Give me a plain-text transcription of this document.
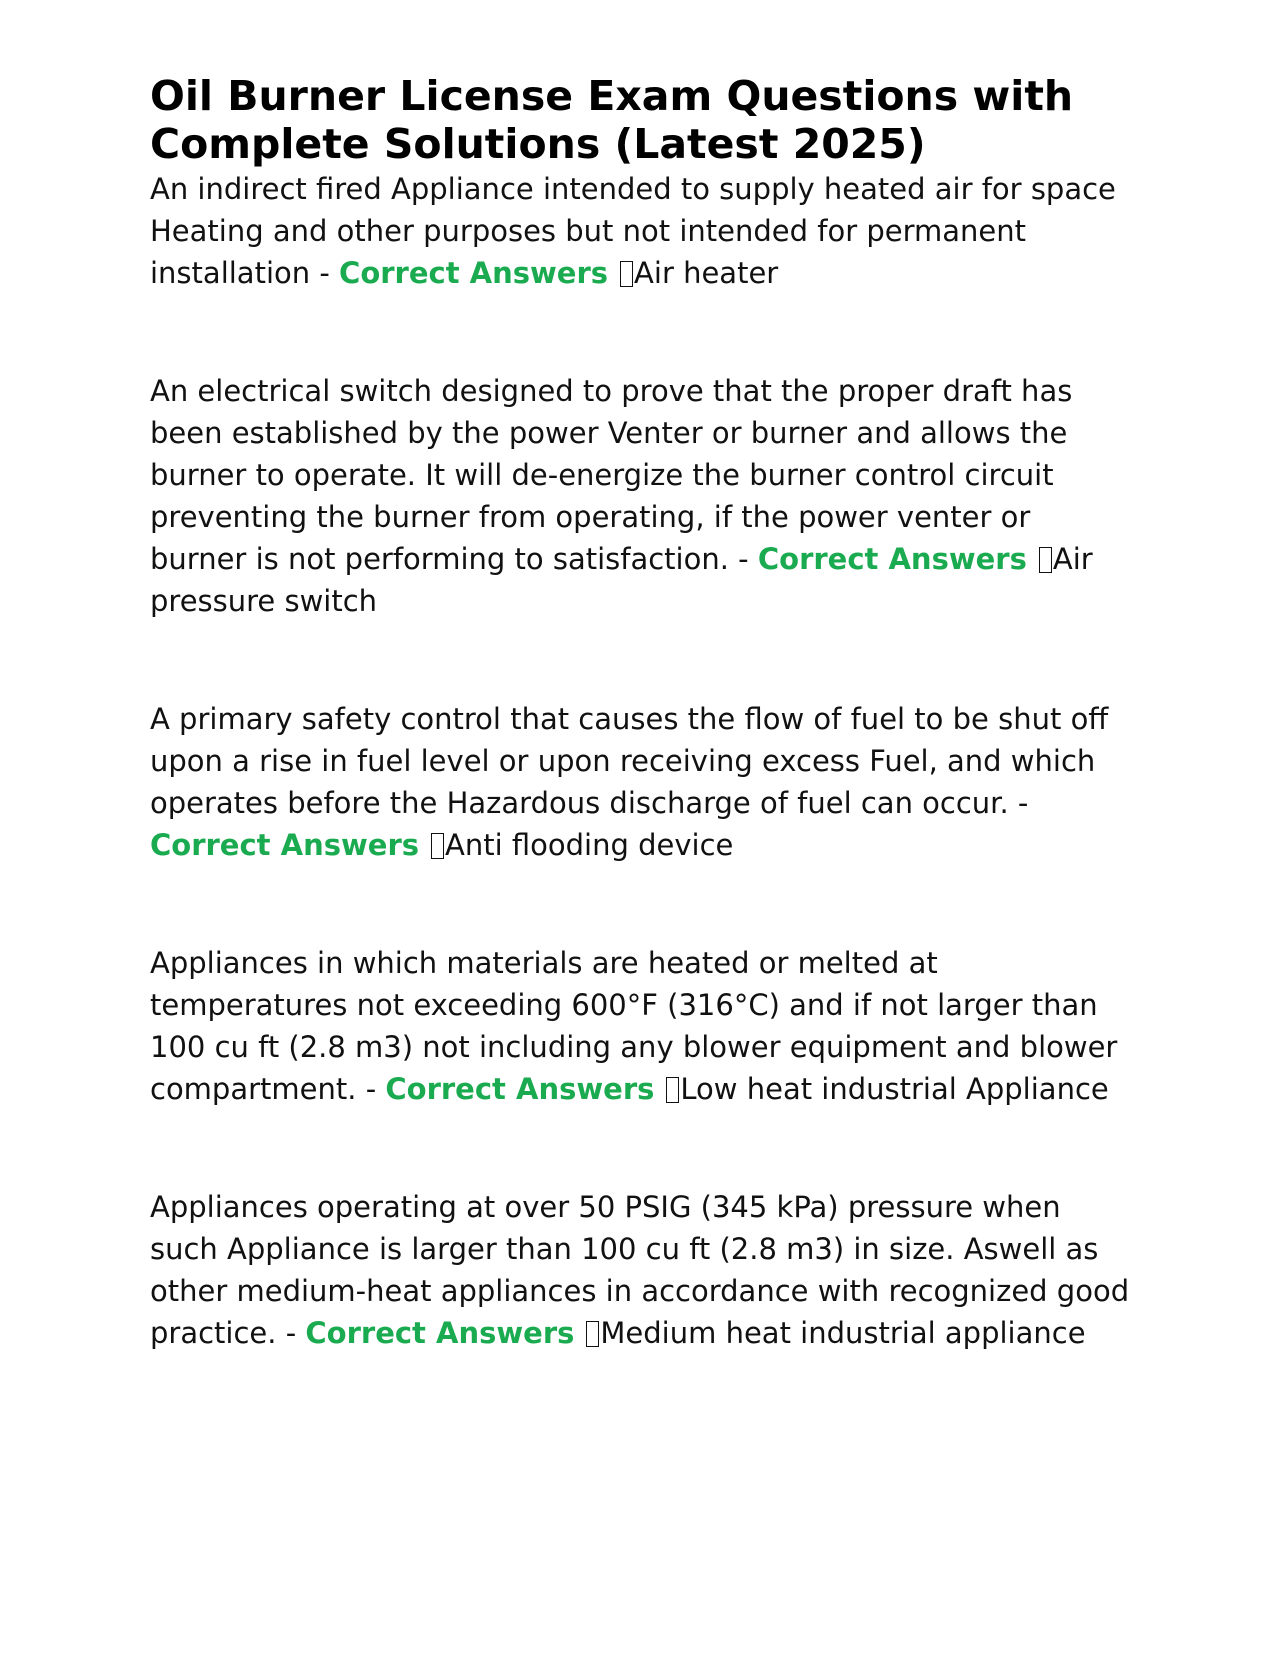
Oil Burner License Exam Questions with Complete Solutions (Latest 2025)

An indirect fired Appliance intended to supply heated air for space Heating and other purposes but not intended for permanent installation - Correct Answers Air heater

An electrical switch designed to prove that the proper draft has been established by the power Venter or burner and allows the burner to operate. It will de-energize the burner control circuit preventing the burner from operating, if the power venter or burner is not performing to satisfaction. - Correct Answers Air pressure switch

A primary safety control that causes the flow of fuel to be shut off upon a rise in fuel level or upon receiving excess Fuel, and which operates before the Hazardous discharge of fuel can occur. - Correct Answers Anti flooding device

Appliances in which materials are heated or melted at temperatures not exceeding 600°F (316°C) and if not larger than 100 cu ft (2.8 m3) not including any blower equipment and blower compartment. - Correct Answers Low heat industrial Appliance

Appliances operating at over 50 PSIG (345 kPa) pressure when such Appliance is larger than 100 cu ft (2.8 m3) in size. Aswell as other medium-heat appliances in accordance with recognized good practice. - Correct Answers Medium heat industrial appliance
